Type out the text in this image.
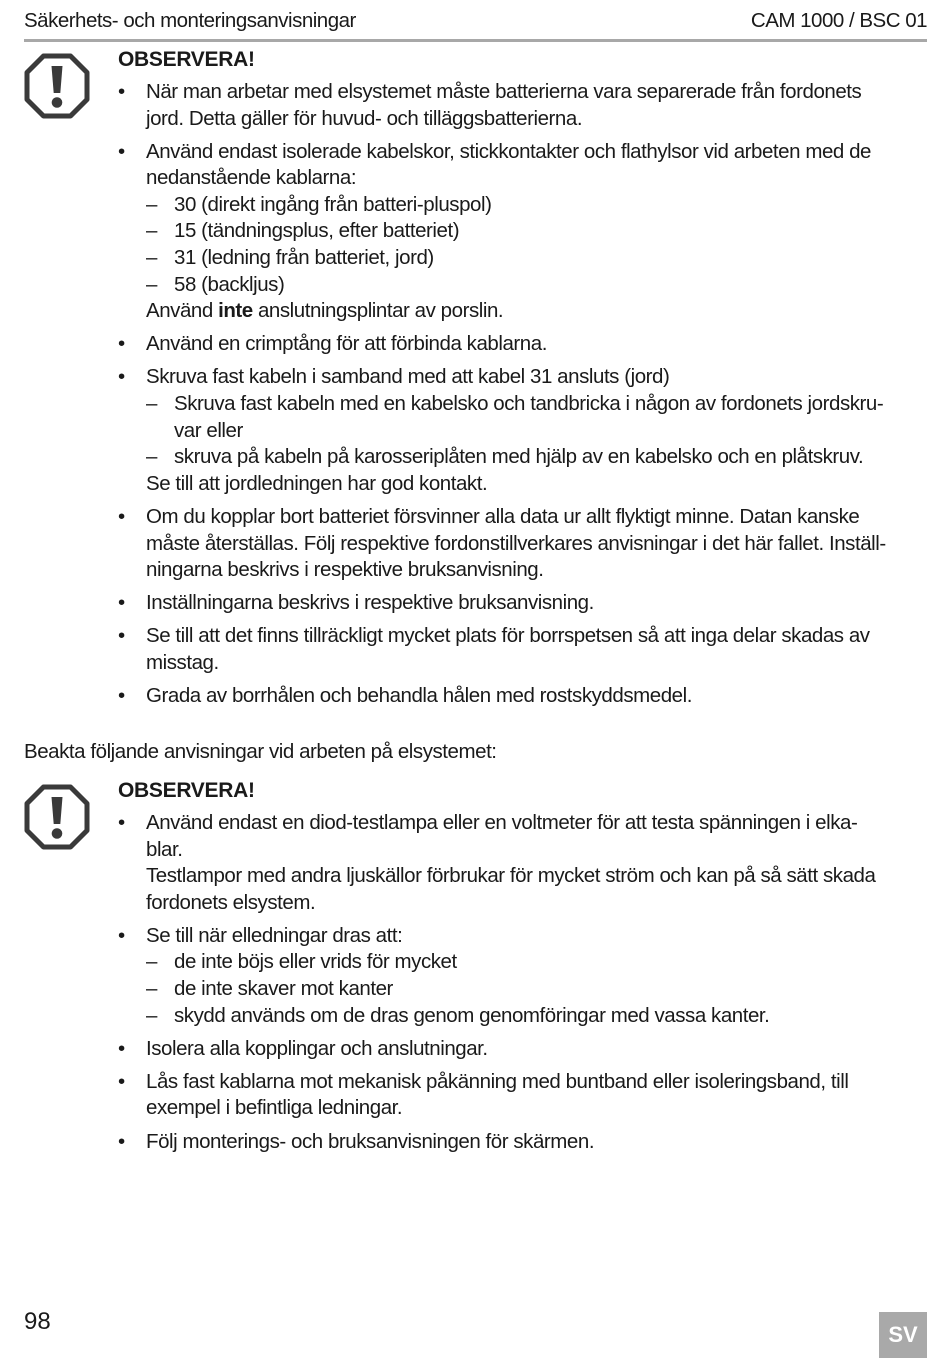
Säkerhets- och monteringsanvisningar	CAM 1000 / BSC 01
OBSERVERA!
• När man arbetar med elsystemet måste batterierna vara separerade från fordonets
jord. Detta gäller för huvud- och tilläggsbatterierna.
• Använd endast isolerade kabelskor, stickkontakter och flathylsor vid arbeten med de
nedanstående kablarna:
– 30 (direkt ingång från batteri-pluspol)
– 15 (tändningsplus, efter batteriet)
– 31 (ledning från batteriet, jord)
– 58 (backljus)
Använd inte anslutningsplintar av porslin.
• Använd en crimptång för att förbinda kablarna.
• Skruva fast kabeln i samband med att kabel 31 ansluts (jord)
– Skruva fast kabeln med en kabelsko och tandbricka i någon av fordonets jordskru-
var eller
– skruva på kabeln på karosseriplåten med hjälp av en kabelsko och en plåtskruv.
Se till att jordledningen har god kontakt.
• Om du kopplar bort batteriet försvinner alla data ur allt flyktigt minne. Datan kanske
måste återställas. Följ respektive fordonstillverkares anvisningar i det här fallet. Inställ-
ningarna beskrivs i respektive bruksanvisning.
• Inställningarna beskrivs i respektive bruksanvisning.
• Se till att det finns tillräckligt mycket plats för borrspetsen så att inga delar skadas av
misstag.
• Grada av borrhålen och behandla hålen med rostskyddsmedel.
Beakta följande anvisningar vid arbeten på elsystemet:
OBSERVERA!
• Använd endast en diod-testlampa eller en voltmeter för att testa spänningen i elka-
blar.
Testlampor med andra ljuskällor förbrukar för mycket ström och kan på så sätt skada
fordonets elsystem.
• Se till när elledningar dras att:
– de inte böjs eller vrids för mycket
– de inte skaver mot kanter
– skydd används om de dras genom genomföringar med vassa kanter.
• Isolera alla kopplingar och anslutningar.
• Lås fast kablarna mot mekanisk påkänning med buntband eller isoleringsband, till
exempel i befintliga ledningar.
• Följ monterings- och bruksanvisningen för skärmen.
98	SV
